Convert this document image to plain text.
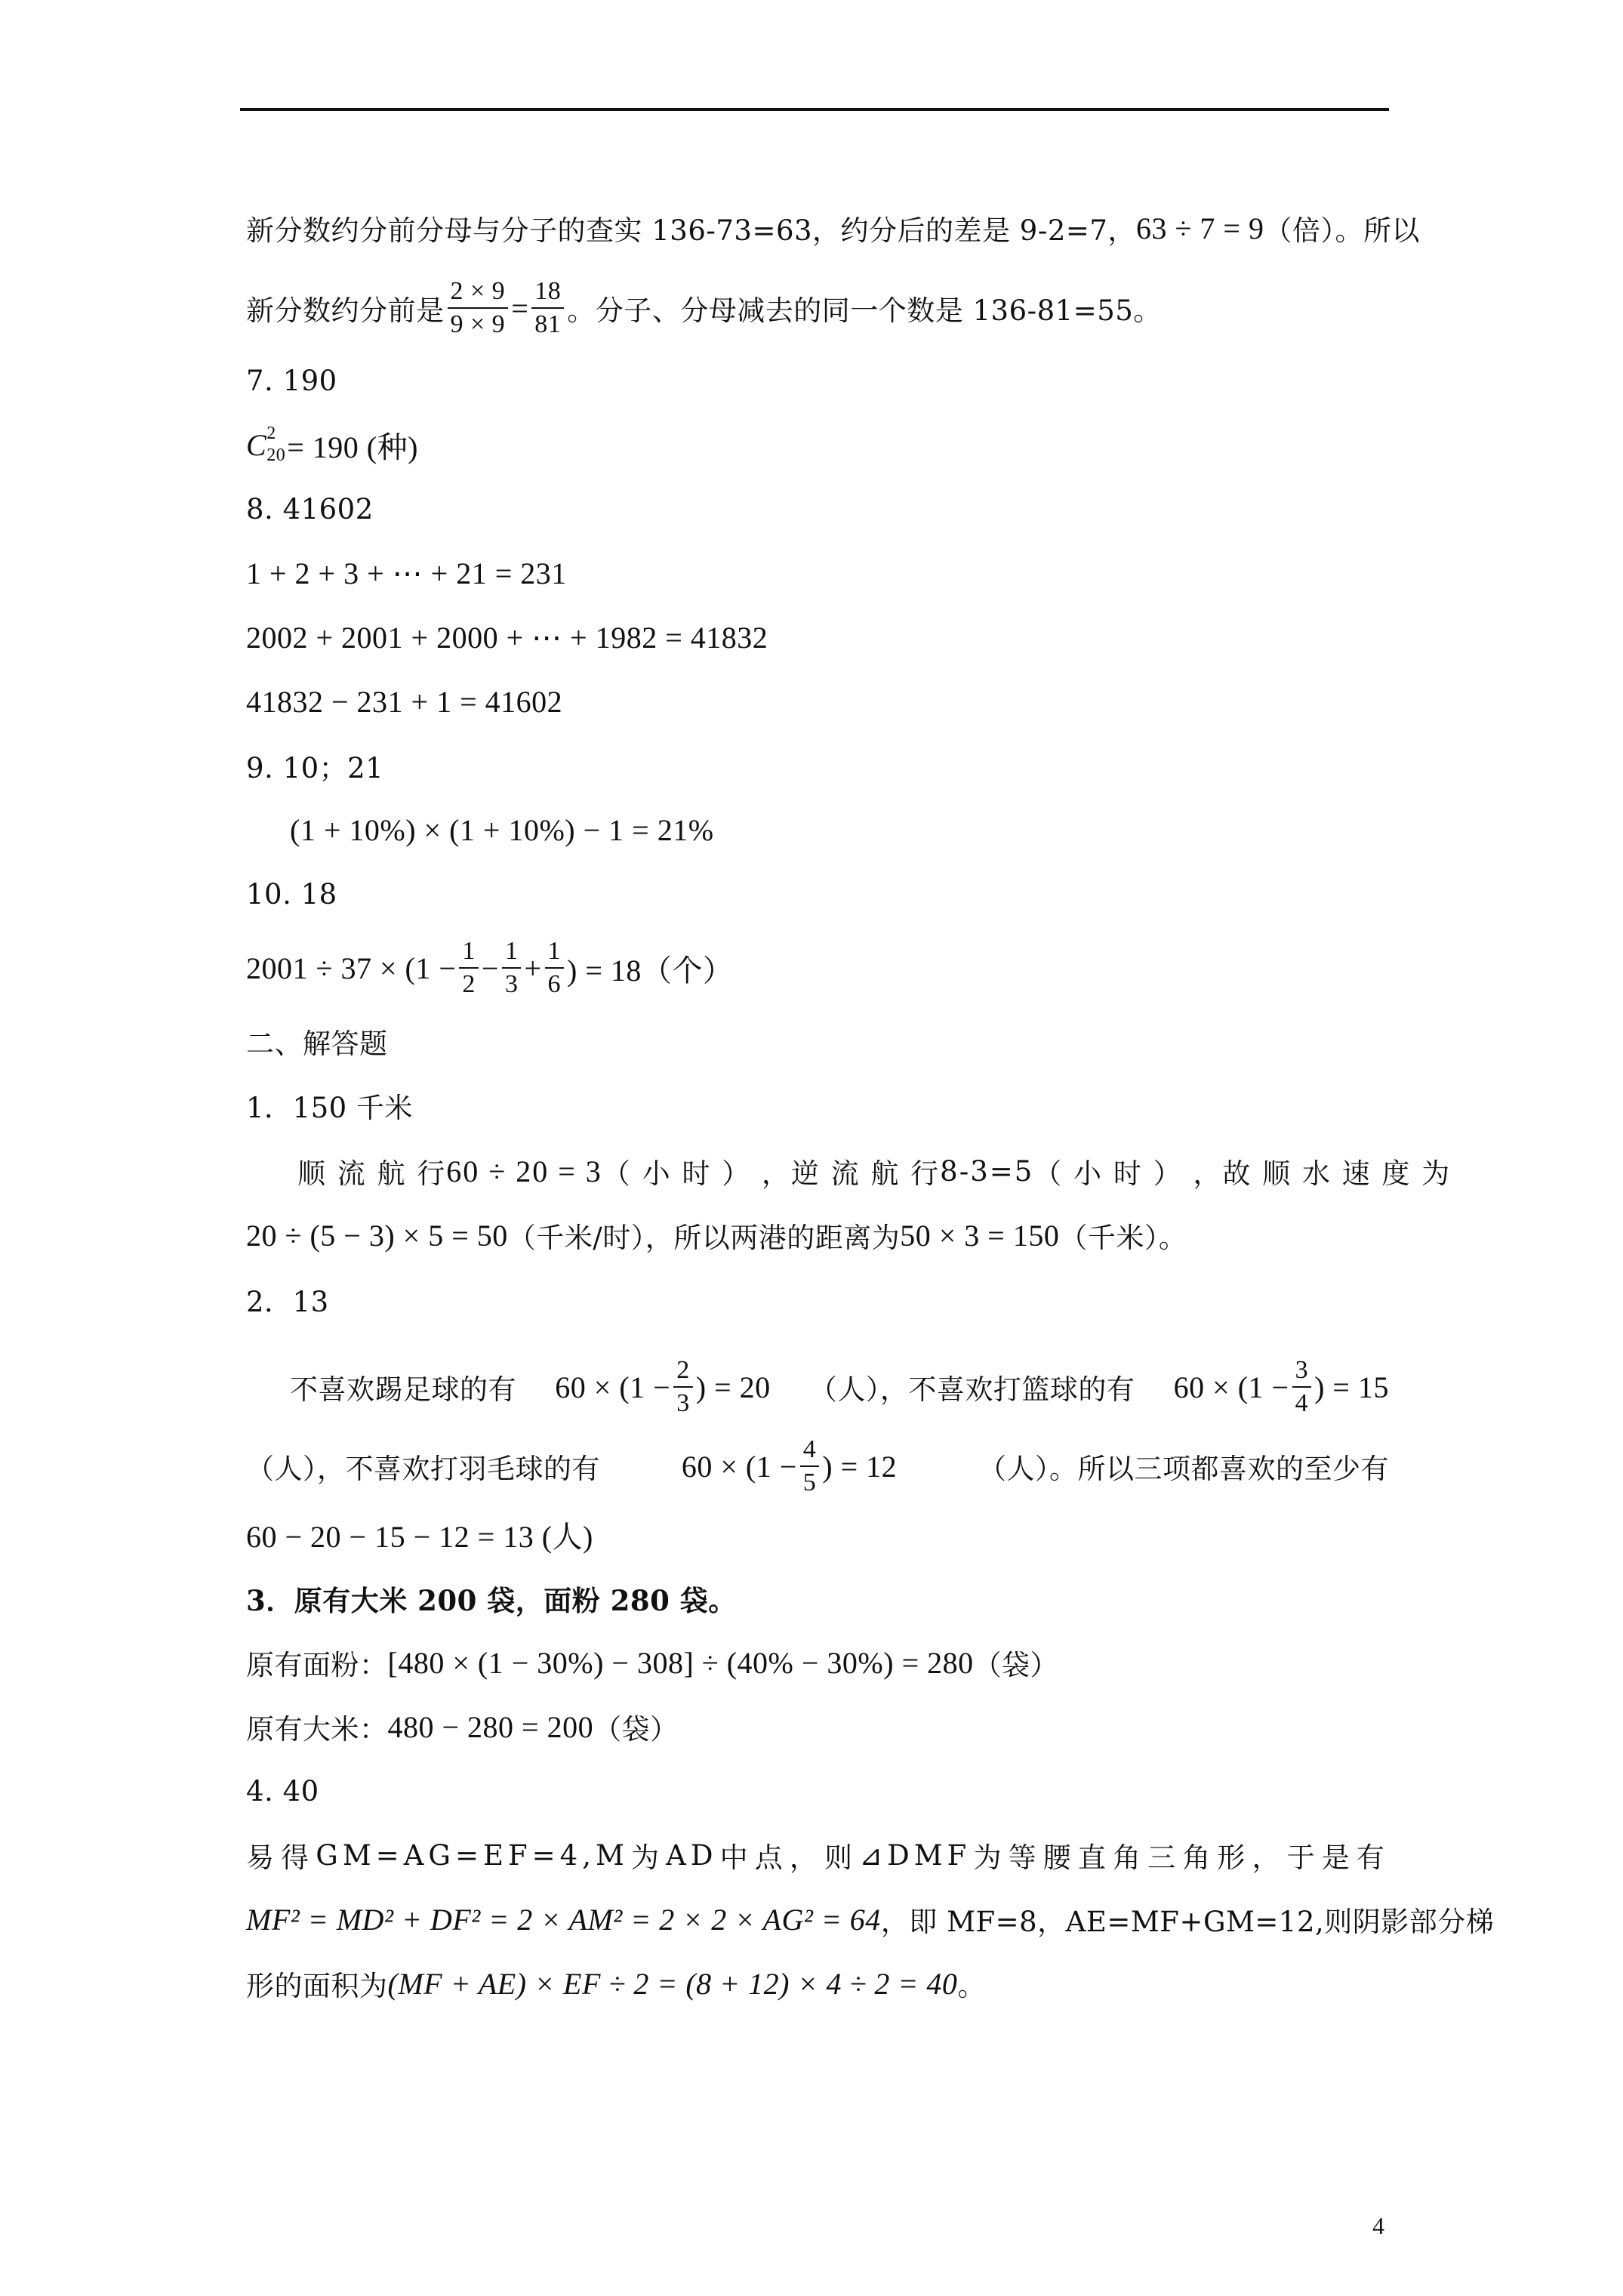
新分数约分前分母与分子的查实 136-73=63，约分后的差是 9-2=7， 63 ÷ 7 = 9 （倍）。所以
新分数约分前是 $\frac{2 \times 9}{9 \times 9} = \frac{18}{81}$ 。分子、分母减去的同一个数是 136-81=55。
7. 190
C 2
20 = 190 (种)
8. 41602
1 + 2 + 3 + ⋯ + 21 = 231
2002 + 2001 + 2000 + ⋯ + 1982 = 41832
41832 − 231 + 1 = 41602
9. 10；21
(1 + 10%) × (1 + 10%) − 1 = 21%
10. 18
$2001 \div 37 \times (1 - \frac{1}{2} - \frac{1}{3} + \frac{1}{6}$ ) = 18（个）
二、解答题
1．150 千米
顺 流 航 行 60 ÷ 20 = 3 （ 小 时 ） ， 逆 流 航 行 8-3=5 （ 小 时 ） ， 故 顺 水 速 度 为
20 ÷ (5 − 3) × 5 = 50 （千米/时），所以两港的距离为 50 × 3 = 150 （千米）。
2．13
不喜欢踢足球的有 $60 \times (1 - \frac{2}{3}$ ) = 20 （人），不喜欢打篮球的有 $60 \times (1 - \frac{3}{4}$ ) = 15
（人），不喜欢打羽毛球的有	$60 \times (1 - \frac{4}{5}$ ) = 12	（人）。所以三项都喜欢的至少有
60 − 20 − 15 − 12 = 13 (人)
3．原有大米 200 袋，面粉 280 袋。
原有面粉： [480 × (1 − 30%) − 308] ÷ (40% − 30%) = 280 （袋）
原有大米： 480 − 280 = 200 （袋）
4. 40
易 得 GM=AG=EF=4,M 为 AD 中 点 ， 则 ⊿DMF 为 等 腰 直 角 三 角 形 ， 于 是 有
MF² = MD² + DF² = 2 × AM² = 2 × 2 × AG² = 64 ，即 MF=8，AE=MF+GM=12,则阴影部分梯
形的面积为 (MF + AE) × EF ÷ 2 = (8 + 12) × 4 ÷ 2 = 40 。
4
